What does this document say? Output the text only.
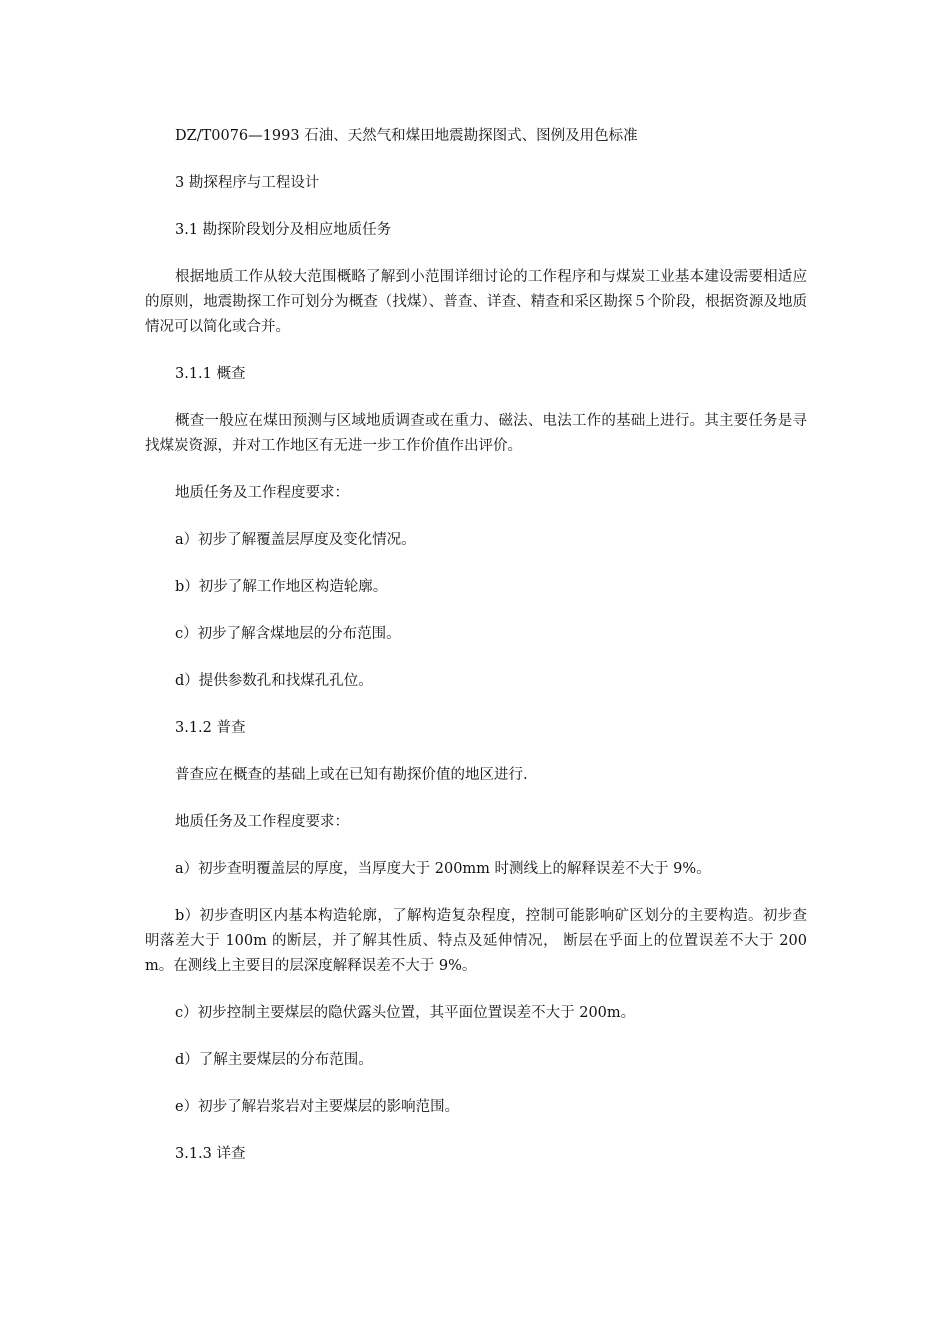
DZ/T0076—1993 石油、天然气和煤田地震勘探图式、图例及用色标准

3 勘探程序与工程设计

3.1 勘探阶段划分及相应地质任务

根据地质工作从较大范围概略了解到小范围详细讨论的工作程序和与煤炭工业基本建设需要相适应的原则，地震勘探工作可划分为概查（找煤）、普查、详查、精查和采区勘探５个阶段，根据资源及地质情况可以简化或合并。

3.1.1 概查

概查一般应在煤田预测与区域地质调查或在重力、磁法、电法工作的基础上进行。其主要任务是寻找煤炭资源，并对工作地区有无进一步工作价值作出评价。

地质任务及工作程度要求：

a）初步了解覆盖层厚度及变化情况。

b）初步了解工作地区构造轮廓。

c）初步了解含煤地层的分布范围。

d）提供参数孔和找煤孔孔位。

3.1.2 普查

普查应在概查的基础上或在已知有勘探价值的地区进行.

地质任务及工作程度要求：

a）初步查明覆盖层的厚度，当厚度大于 200mm 时测线上的解释误差不大于 9%。

b）初步查明区内基本构造轮廓，了解构造复杂程度，控制可能影响矿区划分的主要构造。初步查明落差大于 100m 的断层，并了解其性质、特点及延伸情况， 断层在乎面上的位置误差不大于 200m。在测线上主要目的层深度解释误差不大于 9%。

c）初步控制主要煤层的隐伏露头位置，其平面位置误差不大于 200m。

d）了解主要煤层的分布范围。

e）初步了解岩浆岩对主要煤层的影响范围。

3.1.3 详查
